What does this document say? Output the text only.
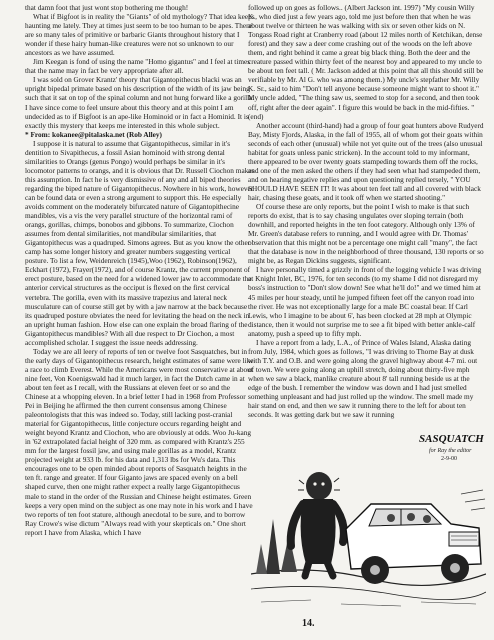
that damn foot that just wont stop bothering me though!

What if Bigfoot is in reality the "Giants" of old mythology? That idea keeps haunting me lately. They at times just seem to be too human to be apes. There are so many tales of primitive or barbaric Giants throughout history that I wonder if these hairy human-like creatures were not so unknown to our ancestors as we have assumed.

Jim Keegan is fond of using the name "Homo gigantus" and I feel at times that the name may in fact be very appropriate after all.

I was sold on Grover Krantz' theory that Gigantopithecus blacki was an upright bipedal primate based on his description of the width of its jaw being such that it sat on top of the spinal column and not hung forward like a gorilla. I have since come to feel unsure about this theory and at this point I am undecided as to if Bigfoot is an ape-like Hominoid or in fact a Hominid. It is exactly this mystery that keeps me interested in this whole subject.

* From: kokanee@pitalaska.net (Rob Alley)

I suppose it is natural to assume that Gigantopithecus, similar in it's dentition to Sivapithecus, a fossil Asian hominoid with strong dental similarities to Orangs (genus Pongo) would perhaps be similar in it's locomotor patterns to orangs, and it is obvious that Dr. Russell Ciochon makes this assumption. In fact he is very dismissive of any and all biped theories regarding the biped nature of Gigantopithecus. Nowhere in his work, however can be found data or even a strong argument to support this. He especially avoids comment on the moderately bifurcated nature of Gigantopithecine mandibles, vis a vis the very parallel structure of the horizontal rami of orangs, gorillas, chimps, bonobos and gibbons. To summarize, Ciochon assumes from dental similarities, not mandibular similarities, that Gigantopithecus was a quadruped. Simons agrees. But as you know the other camp has some longer history and greater numbers suggesting vertical posture. To list a few, Weidenreich (1945),Woo (1962), Robinson(1962), Eckhart (1972), Frayer(1972), and of course Krantz, the current proponent of erect posture, based on the need for a widened lower jaw to accommodate the anterior cervical structures as the occiput is flexed on the first cervical vertebra. The gorilla, even with its massive trapezius and lateral neck musculature can of course still get by with a jaw narrow at the back because its quadruped posture obviates the need for levitating the head on the neck in an upright human fashion. How else can one explain the broad flaring of the Gigantopithecus mandibles? With all due respect to Dr Ciochon, a most accomplished scholar. I suggest the issue needs addressing.

Today we are all leery of reports of ten or twelve foot Sasquatches, but in the early days of Gigantopithecus research, height estimates of same were like a race to climb Everest. While the Americans were most conservative at about nine feet, Von Koenigswald had it much larger, in fact the Dutch came in at about ten feet as I recall, with the Russians at eleven feet or so and the Chinese at a whopping eleven. In a brief letter I had in 1968 from Professor Pei in Beijing he affirmed the then current consensus among Chinese paleontologists that this was indeed so. Today, still lacking post-cranial material for Gigantopithecus, little conjecture occurs regarding height and weight beyond Krantz and Ciochon, who are obviously at odds. Woo Ju-kang in '62 extrapolated facial height of 320 mm. as compared with Krantz's 255 mm for the largest fossil jaw, and using male gorillas as a model, Krantz projected weight at 933 lb. for his data and 1,313 lbs for Wu's data. This encourages one to be open minded about reports of Sasquatch heights in the ten ft. range and greater. If four Giganto jaws are spaced evenly on a bell shaped curve, then one might rather expect a really large Gigantopithecus male to stand in the order of the Russian and Chinese height estimates. Green keeps a very open mind on the subject as one may note in his work and I have two reports of ten foot stature, although anecdotal to be sure, and to borrow Ray Crowe's wise dictum "Always read with your skepticals on." One short report I have from Alaska, which I have

followed up on goes as follows.. (Albert Jackson int. 1997) "My cousin Willy K., who died just a few years ago, told me just before then that when he was about twelve or thirteen he was walking with six or seven other kids on N. Tongass Road right at Cranberry road (about 12 miles north of Ketchikan, dense forest) and they saw a deer come crashing out of the woods on the left above them, and right behind it came a great big black thing. Both the deer and the creature passed within thirty feet of the nearest boy and appeared to my uncle to be about ten feet tall. ( Mr. Jackson added at this point that all this should still be verifiable by Mr. Al G. who was among them.) My uncle's stepfather Mr. Willy K. Sr., said to him "Don't tell anyone because someone might want to shoot it." My uncle added, "The thing saw us, seemed to stop for a second, and then took off, right after the deer again". I figure this would be back in the mid-fifties. " (end)

Another account (third-hand) had a group of four goat hunters above Rudyerd Bay, Misty Fjords, Alaska, in the fall of 1955, all of whom got their goats within seconds of each other (unusual) while not yet quite out of the trees (also unusual habitat for goats unless panic stricken). In the account told to my informant, there appeared to be over twenty goats stampeding towards them off the rocks, and one of the men asked the others if they had seen what had stampeded them, and on hearing negative replies and upon questioning replied tersely, " YOU SHOULD HAVE SEEN IT! It was about ten feet tall and all covered with black hair, chasing these goats, and it took off when we started shooting."

Of course these are only reports, but the point I wish to make is that such reports do exist, that is to say chasing ungulates over sloping terrain (both downhill, and reported heights in the ten foot category. Although only 13% of Mr. Green's database refers to running, and I would agree with Dr. Thomas' observation that this might not be a percentage one might call "many", the fact that the database is now in the neighborhood of three thousand, 130 reports or so might be, as Regan Dickins suggests, significant.

I have personally timed a grizzly in front of the logging vehicle I was driving at Knight Inlet, BC, 1976, for ten seconds (to my shame I did not disregard my boss's instruction to "Don't slow down! See what he'll do!" and we timed him at 45 miles per hour steady, until he jumped fifteen feet off the canyon road into the river. He was not exceptionally large for a male BC coastal bear. If Carl Lewis, who I imagine to be about 6', has been clocked at 28 mph at Olympic distance, then it would not surprise me to see a fit biped with better ankle-calf anatomy, push a speed up to fifty mph.

I have a report from a lady, L.A., of Prince of Wales Island, Alaska dating from July, 1984, which goes as follows, "I was driving to Thorne Bay at dusk with T.Y. and O.B. and were going along the gravel highway about 4-7 mi. out of town. We were going along an uphill stretch, doing about thirty-five mph when we saw a black, manlike creature about 8' tall running beside us at the edge of the bush. I remember the window was down and I had just smelled something unpleasant and had just rolled up the window. The smell made my hair stand on end, and then we saw it running there to the left for about ten seconds. It was getting dark but we saw it running

SASQUATCH
for Ray the editor
2-9-00
14.
